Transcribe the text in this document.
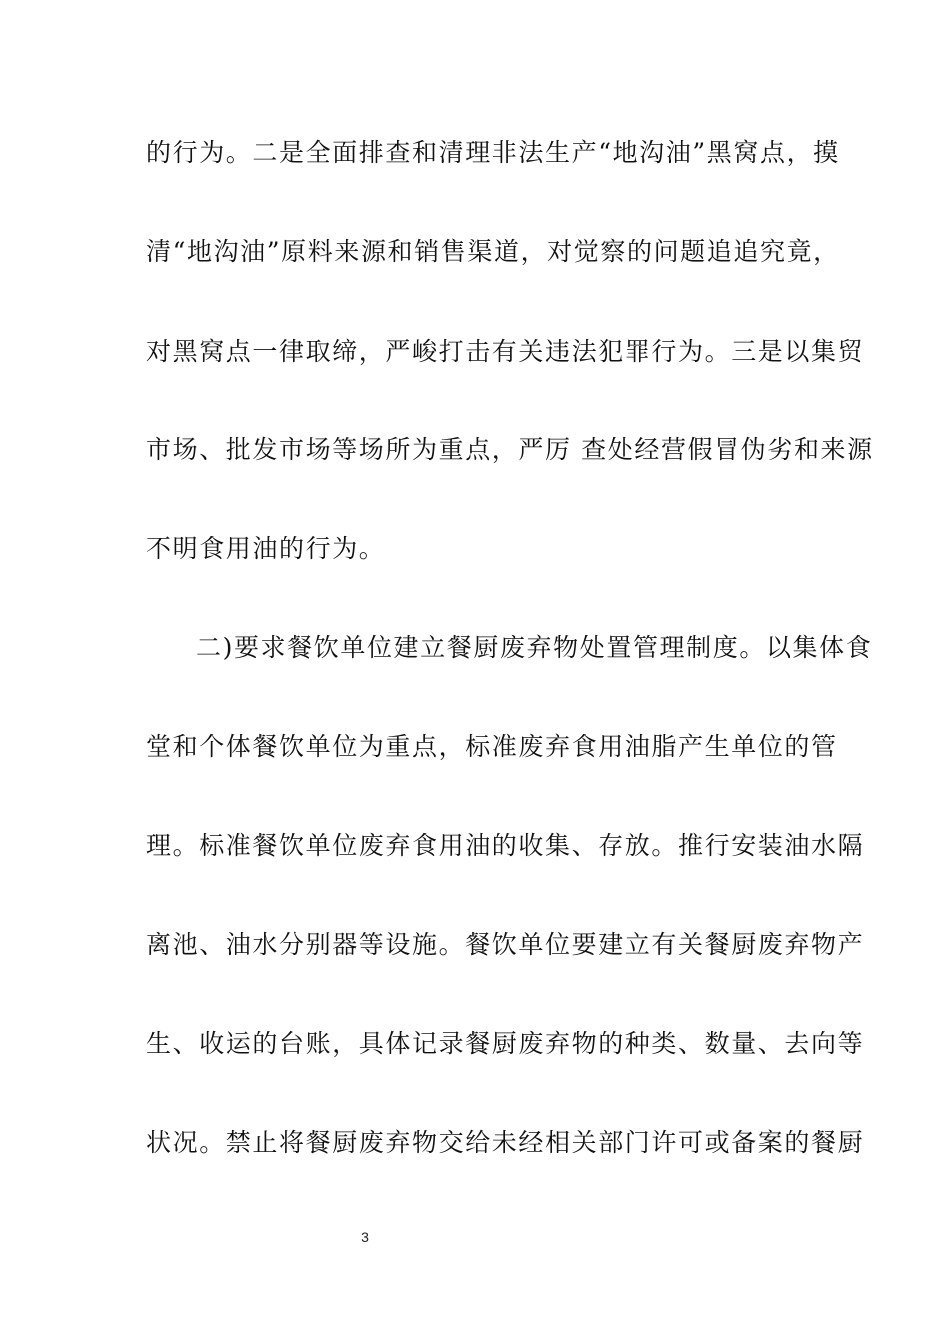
的行为。二是全面排查和清理非法生产“地沟油”黑窝点，摸
清“地沟油”原料来源和销售渠道，对觉察的问题追追究竟，
对黑窝点一律取缔，严峻打击有关违法犯罪行为。三是以集贸
市场、批发市场等场所为重点，严厉 查处经营假冒伪劣和来源
不明食用油的行为。
二)要求餐饮单位建立餐厨废弃物处置管理制度。以集体食
堂和个体餐饮单位为重点，标准废弃食用油脂产生单位的管
理。标准餐饮单位废弃食用油的收集、存放。推行安装油水隔
离池、油水分别器等设施。餐饮单位要建立有关餐厨废弃物产
生、收运的台账，具体记录餐厨废弃物的种类、数量、去向等
状况。禁止将餐厨废弃物交给未经相关部门许可或备案的餐厨
3
